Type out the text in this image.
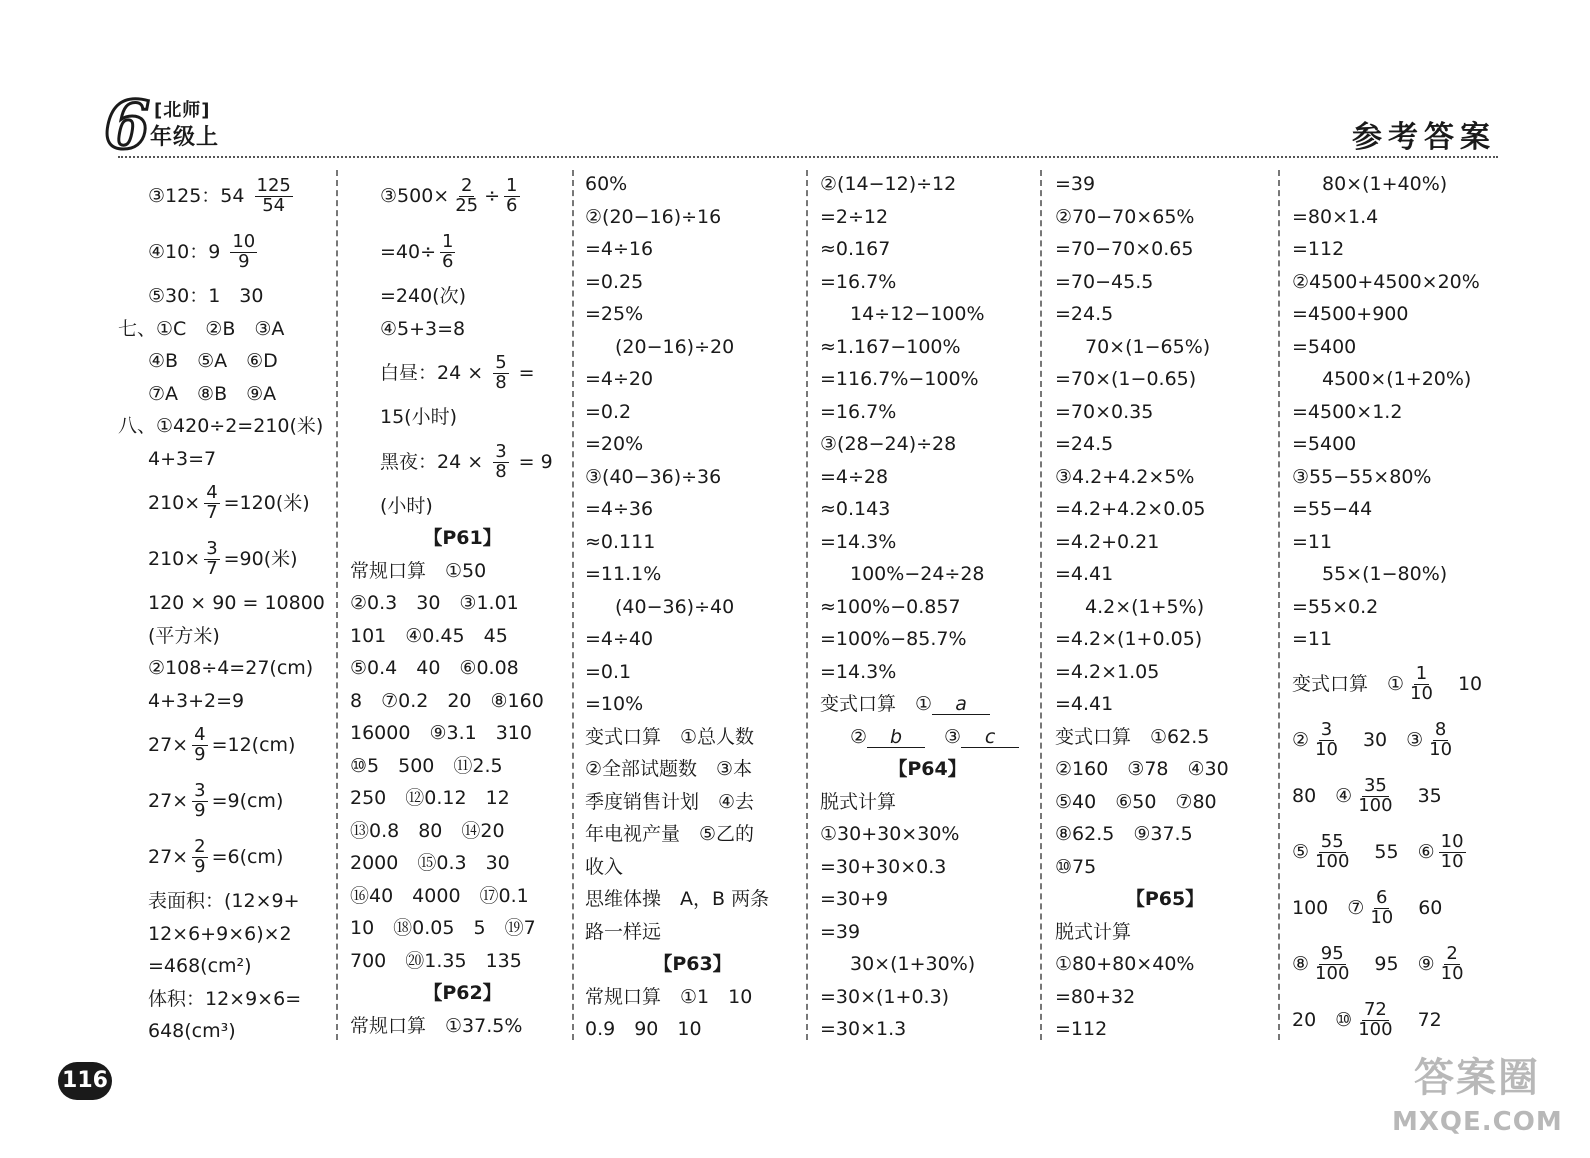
6 [北师]
年级上	参考答案
③125：$54 \frac{125}{54}$
④10：$9 \frac{10}{9}$
⑤30：1　30
七、①C　②B　③A
④B　⑤A　⑥D
⑦A　⑧B　⑨A
八、①420÷2=210(米)
4+3=7
$210\times \frac{4}{7} =120$(米)
$210\times \frac{3}{7} =90$(米)
120 × 90 = 10800
(平方米)
②108÷4=27(cm)
4+3+2=9
$27\times \frac{4}{9} =12(cm)$
$27\times \frac{3}{9} =9(cm)$
$27\times \frac{2}{9} =6(cm)$
表面积：(12×9+
12×6+9×6)×2
=468(cm²)
体积：12×9×6=
648(cm³)
③500× $\frac{2}{25} \div \frac{1}{6}$
$=40\div \frac{1}{6}$
=240(次)
④5+3=8
白昼：$24 \times \frac{5}{8}$ =
15(小时)
黑夜：$24 \times \frac{3}{8} = 9$
(小时)
【P61】
常规口算　①50
②0.3　30　③1.01
101　④0.45　45
⑤0.4　40　⑥0.08
8　⑦0.2　20　⑧160
16000　⑨3.1　310
⑩5　500　⑪2.5
250　⑫0.12　12
⑬0.8　80　⑭20
2000　⑮0.3　30
⑯40　4000　⑰0.1
10　⑱0.05　5　⑲7
700　⑳1.35　135
【P62】
常规口算　①37.5%
60%
②(20−16)÷16
=4÷16
=0.25
=25%
(20−16)÷20
=4÷20
=0.2
=20%
③(40−36)÷36
=4÷36
≈0.111
=11.1%
(40−36)÷40
=4÷40
=0.1
=10%
变式口算　①总人数
②全部试题数　③本
季度销售计划　④去
年电视产量　⑤乙的
收入
思维体操　A，B 两条
路一样远
【P63】
常规口算　①1　10
0.9　90　10
②(14−12)÷12
=2÷12
≈0.167
=16.7%
14÷12−100%
≈1.167−100%
=116.7%−100%
=16.7%
③(28−24)÷28
=4÷28
≈0.143
=14.3%
100%−24÷28
≈100%−0.857
=100%−85.7%
=14.3%
变式口算　① a
② b　③ c
【P64】
脱式计算
①30+30×30%
=30+30×0.3
=30+9
=39
30×(1+30%)
=30×(1+0.3)
=30×1.3
=39
②70−70×65%
=70−70×0.65
=70−45.5
=24.5
70×(1−65%)
=70×(1−0.65)
=70×0.35
=24.5
③4.2+4.2×5%
=4.2+4.2×0.05
=4.2+0.21
=4.41
4.2×(1+5%)
=4.2×(1+0.05)
=4.2×1.05
=4.41
变式口算　①62.5
②160　③78　④30
⑤40　⑥50　⑦80
⑧62.5　⑨37.5
⑩75
【P65】
脱式计算
①80+80×40%
=80+32
=112
80×(1+40%)
=80×1.4
=112
②4500+4500×20%
=4500+900
=5400
4500×(1+20%)
=4500×1.2
=5400
③55−55×80%
=55−44
=11
55×(1−80%)
=55×0.2
=11
变式口算　① $\frac{1}{10}$ 　10
② $\frac{3}{10}$ 　30　③ $\frac{8}{10}$
80　④ $\frac{35}{100}$ 　35
⑤ $\frac{55}{100}$ 　55　⑥ $\frac{10}{10}$
100　⑦ $\frac{6}{10}$ 　60
⑧ $\frac{95}{100}$ 　95　⑨ $\frac{2}{10}$
20　⑩ $\frac{72}{100}$ 　72
116	答案圈
MXQE.COM
